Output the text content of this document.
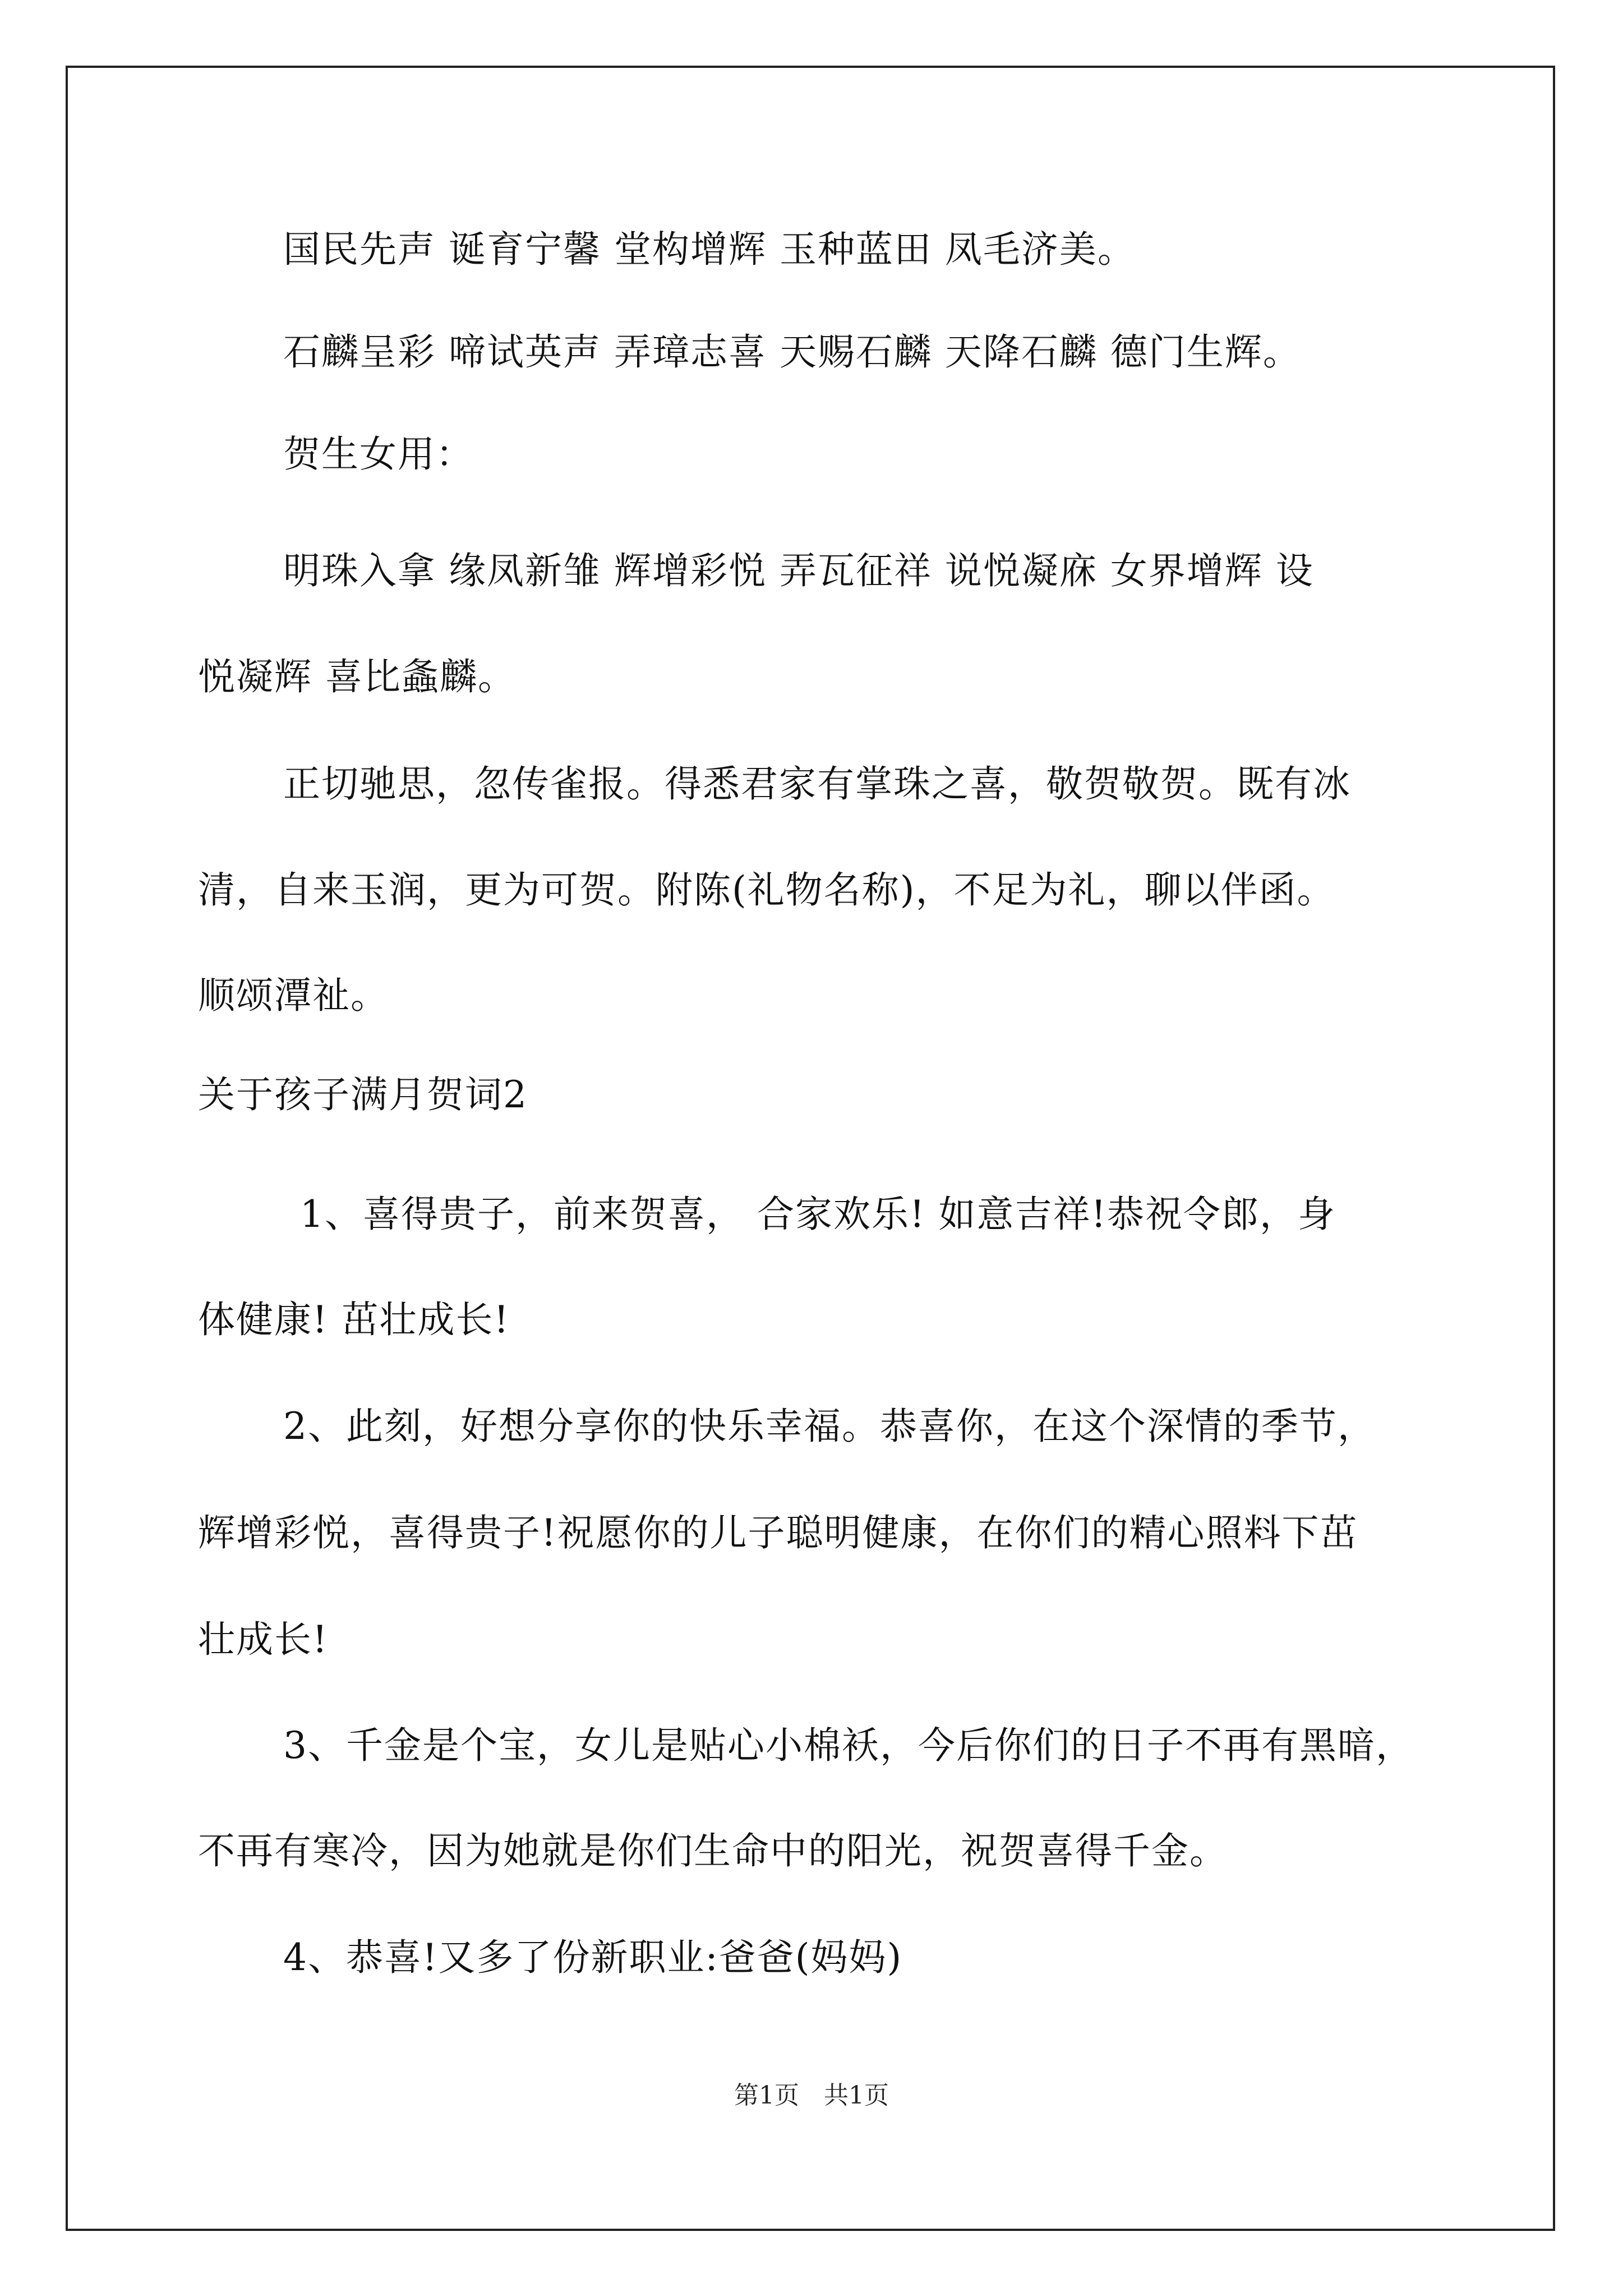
国民先声 诞育宁馨 堂构增辉 玉种蓝田 凤毛济美。
石麟呈彩 啼试英声 弄璋志喜 天赐石麟 天降石麟 德门生辉。
贺生女用：
明珠入拿 缘凤新雏 辉增彩悦 弄瓦征祥 说悦凝庥 女界增辉 设
悦凝辉 喜比螽麟。
正切驰思，忽传雀报。得悉君家有掌珠之喜，敬贺敬贺。既有冰
清，自来玉润，更为可贺。附陈(礼物名称)，不足为礼，聊以伴函。
顺颂潭祉。
关于孩子满月贺词2
1、喜得贵子，前来贺喜， 合家欢乐! 如意吉祥!恭祝令郎，身
体健康! 茁壮成长!
2、此刻，好想分享你的快乐幸福。恭喜你，在这个深情的季节，
辉增彩悦，喜得贵子!祝愿你的儿子聪明健康，在你们的精心照料下茁
壮成长!
3、千金是个宝，女儿是贴心小棉袄，今后你们的日子不再有黑暗，
不再有寒冷，因为她就是你们生命中的阳光，祝贺喜得千金。
4、恭喜!又多了份新职业:爸爸(妈妈)
第1页　共1页
